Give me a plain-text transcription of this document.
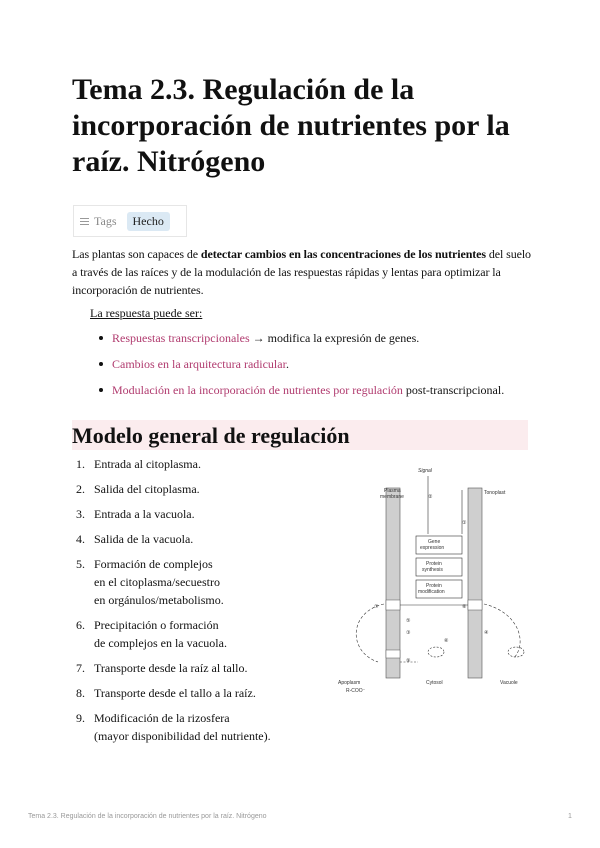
Tema 2.3. Regulación de la incorporación de nutrientes por la raíz. Nitrógeno
Tags	Hecho

Las plantas son capaces de detectar cambios en las concentraciones de los nutrientes del suelo a través de las raíces y de la modulación de las respuestas rápidas y lentas para optimizar la incorporación de nutrientes.

La respuesta puede ser:

Respuestas transcripcionales → modifica la expresión de genes.
Cambios en la arquitectura radicular.
Modulación en la incorporación de nutrientes por regulación post-transcripcional.
Modelo general de regulación
1. Entrada al citoplasma.
2. Salida del citoplasma.
3. Entrada a la vacuola.
4. Salida de la vacuola.
5. Formación de complejos
en el citoplasma/secuestro
en orgánulos/metabolismo.
6. Precipitación o formación
de complejos en la vacuola.
7. Transporte desde la raíz al tallo.
8. Transporte desde el tallo a la raíz.
9. Modificación de la rizosfera
(mayor disponibilidad del nutriente).
Signal
Plasma membrane
Tonoplast
Gene expression
Protein synthesis
Protein modification
Apoplasm	Cytosol	Vacuole
R-COO⁻
①
②
③	④
⑤
⑥
⑦	⑧
⑨
Tema 2.3. Regulación de la incorporación de nutrientes por la raíz. Nitrógeno	1
